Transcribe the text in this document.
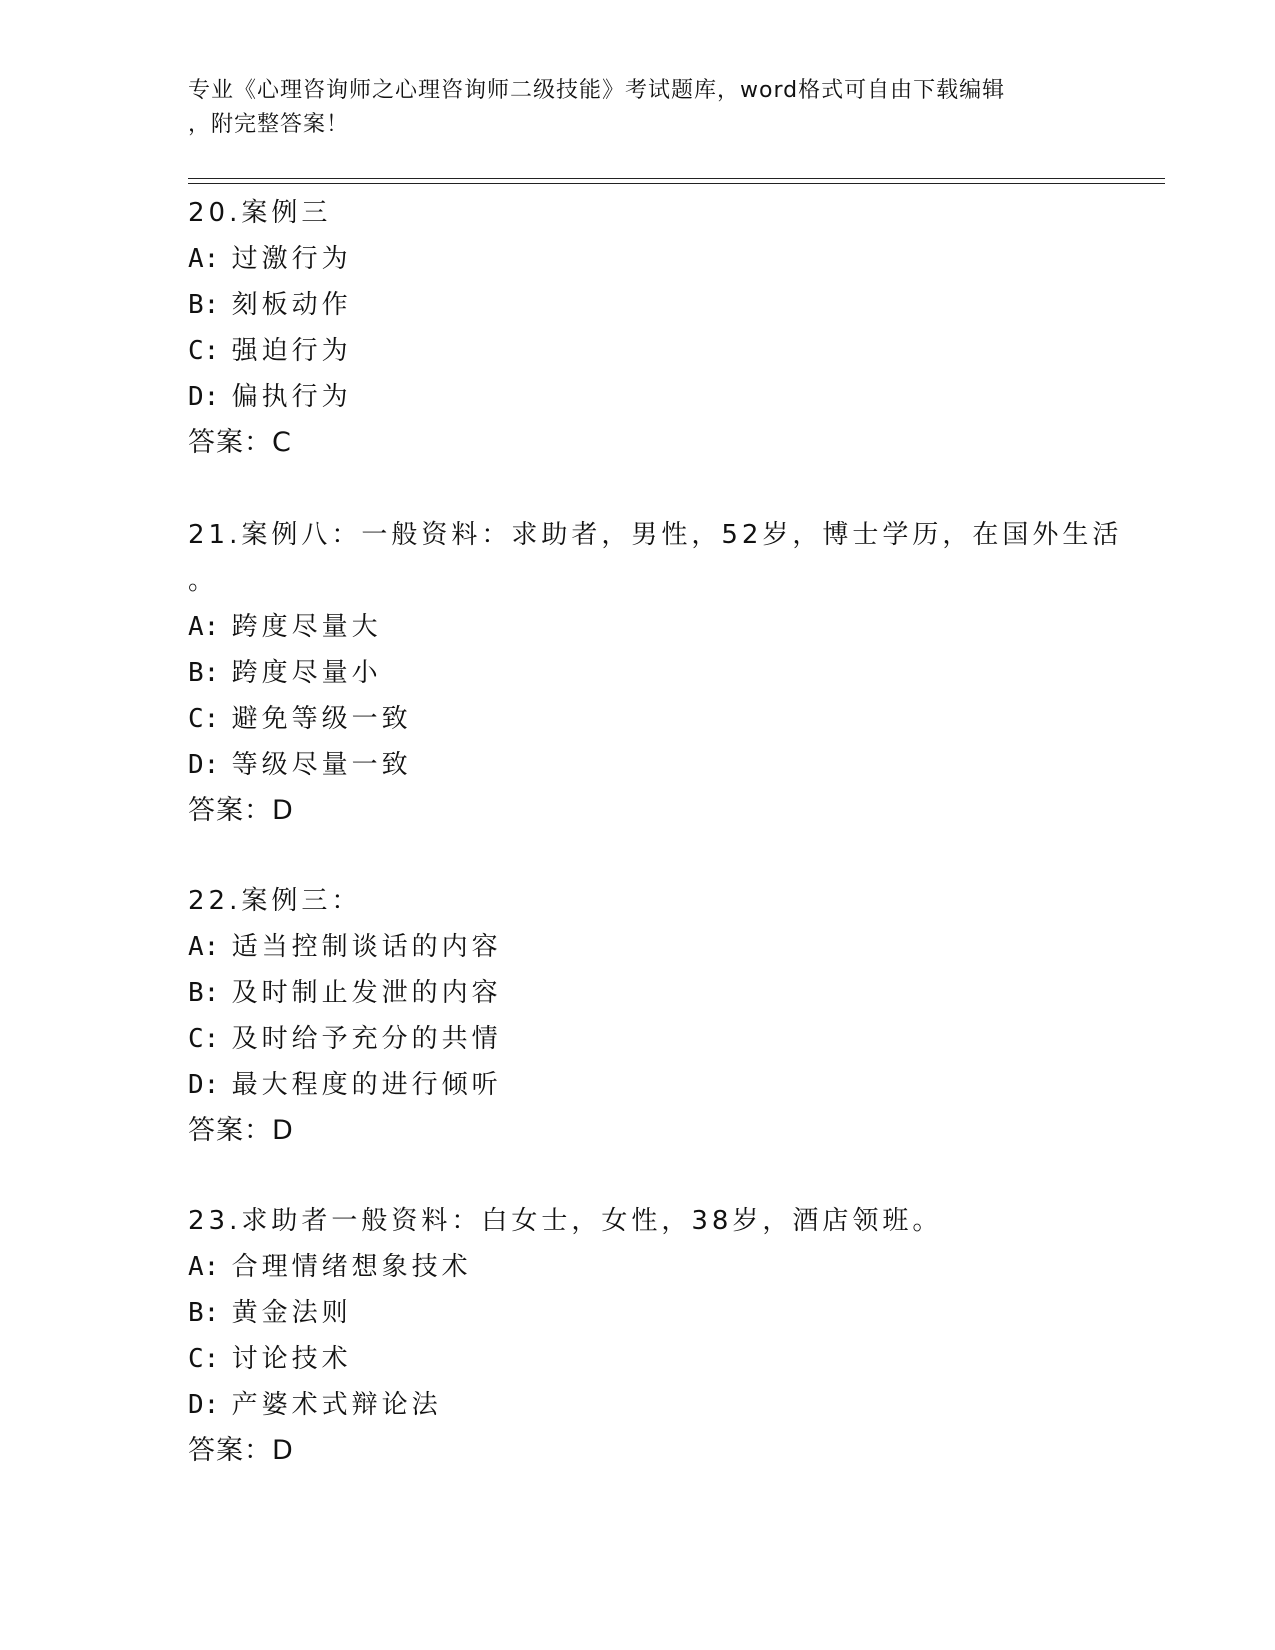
专业《心理咨询师之心理咨询师二级技能》考试题库，word格式可自由下载编辑
，附完整答案！
20.案例三
A: 过激行为
B: 刻板动作
C: 强迫行为
D: 偏执行为
答案：C
21.案例八：一般资料：求助者，男性，52岁，博士学历，在国外生活
。
A: 跨度尽量大
B: 跨度尽量小
C: 避免等级一致
D: 等级尽量一致
答案：D
22.案例三：
A: 适当控制谈话的内容
B: 及时制止发泄的内容
C: 及时给予充分的共情
D: 最大程度的进行倾听
答案：D
23.求助者一般资料：白女士，女性，38岁，酒店领班。
A: 合理情绪想象技术
B: 黄金法则
C: 讨论技术
D: 产婆术式辩论法
答案：D
